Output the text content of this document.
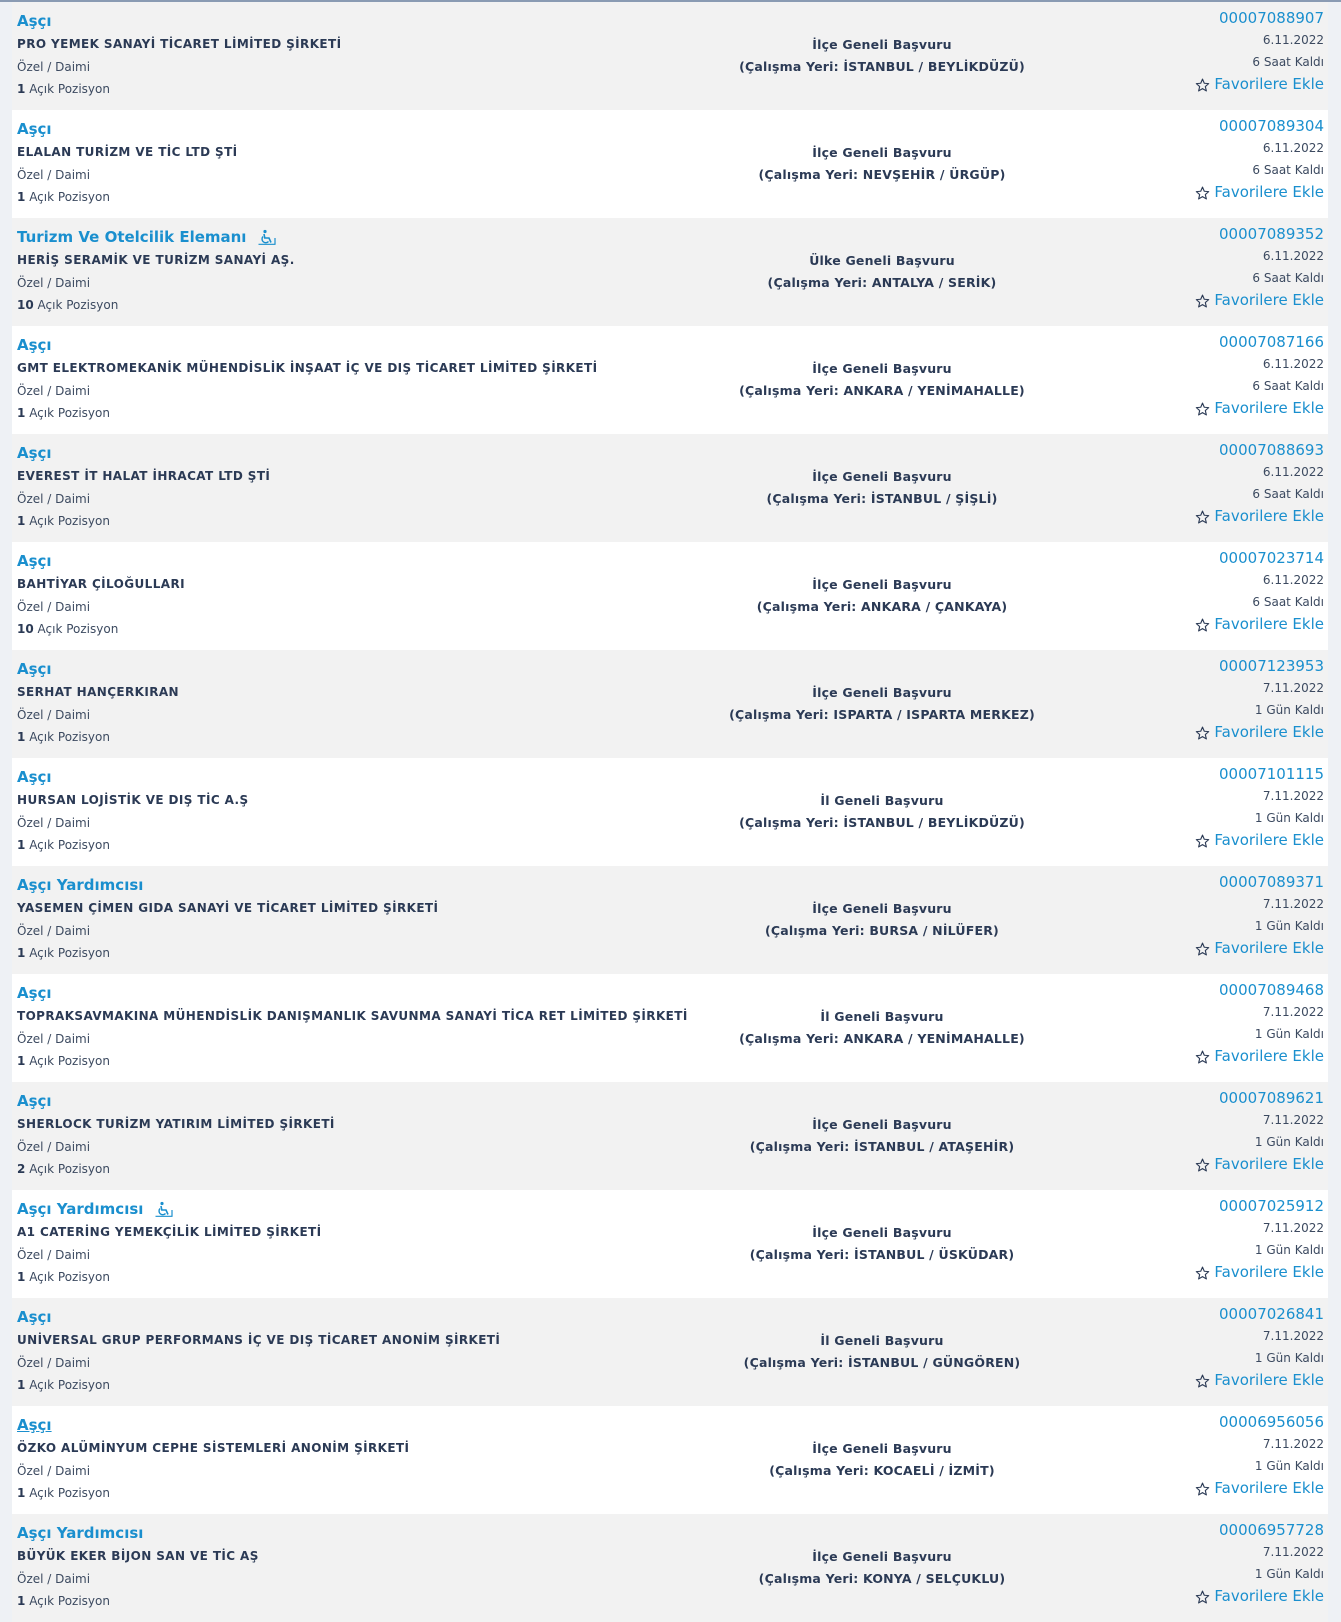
Aşçı
PRO YEMEK SANAYİ TİCARET LİMİTED ŞİRKETİ
Özel / Daimi
1 Açık Pozisyon
İlçe Geneli Başvuru
(Çalışma Yeri: İSTANBUL / BEYLİKDÜZÜ)
00007088907
6.11.2022
6 Saat Kaldı
Favorilere Ekle
Aşçı
ELALAN TURİZM VE TİC LTD ŞTİ
Özel / Daimi
1 Açık Pozisyon
İlçe Geneli Başvuru
(Çalışma Yeri: NEVŞEHİR / ÜRGÜP)
00007089304
6.11.2022
6 Saat Kaldı
Favorilere Ekle
Turizm Ve Otelcilik Elemanı
HERİŞ SERAMİK VE TURİZM SANAYİ AŞ.
Özel / Daimi
10 Açık Pozisyon
Ülke Geneli Başvuru
(Çalışma Yeri: ANTALYA / SERİK)
00007089352
6.11.2022
6 Saat Kaldı
Favorilere Ekle
Aşçı
GMT ELEKTROMEKANİK MÜHENDİSLİK İNŞAAT İÇ VE DIŞ TİCARET LİMİTED ŞİRKETİ
Özel / Daimi
1 Açık Pozisyon
İlçe Geneli Başvuru
(Çalışma Yeri: ANKARA / YENİMAHALLE)
00007087166
6.11.2022
6 Saat Kaldı
Favorilere Ekle
Aşçı
EVEREST İT HALAT İHRACAT LTD ŞTİ
Özel / Daimi
1 Açık Pozisyon
İlçe Geneli Başvuru
(Çalışma Yeri: İSTANBUL / ŞİŞLİ)
00007088693
6.11.2022
6 Saat Kaldı
Favorilere Ekle
Aşçı
BAHTİYAR ÇİLOĞULLARI
Özel / Daimi
10 Açık Pozisyon
İlçe Geneli Başvuru
(Çalışma Yeri: ANKARA / ÇANKAYA)
00007023714
6.11.2022
6 Saat Kaldı
Favorilere Ekle
Aşçı
SERHAT HANÇERKIRAN
Özel / Daimi
1 Açık Pozisyon
İlçe Geneli Başvuru
(Çalışma Yeri: ISPARTA / ISPARTA MERKEZ)
00007123953
7.11.2022
1 Gün Kaldı
Favorilere Ekle
Aşçı
HURSAN LOJİSTİK VE DIŞ TİC A.Ş
Özel / Daimi
1 Açık Pozisyon
İl Geneli Başvuru
(Çalışma Yeri: İSTANBUL / BEYLİKDÜZÜ)
00007101115
7.11.2022
1 Gün Kaldı
Favorilere Ekle
Aşçı Yardımcısı
YASEMEN ÇİMEN GIDA SANAYİ VE TİCARET LİMİTED ŞİRKETİ
Özel / Daimi
1 Açık Pozisyon
İlçe Geneli Başvuru
(Çalışma Yeri: BURSA / NİLÜFER)
00007089371
7.11.2022
1 Gün Kaldı
Favorilere Ekle
Aşçı
TOPRAKSAVMAKINA MÜHENDİSLİK DANIŞMANLIK SAVUNMA SANAYİ TİCA RET LİMİTED ŞİRKETİ
Özel / Daimi
1 Açık Pozisyon
İl Geneli Başvuru
(Çalışma Yeri: ANKARA / YENİMAHALLE)
00007089468
7.11.2022
1 Gün Kaldı
Favorilere Ekle
Aşçı
SHERLOCK TURİZM YATIRIM LİMİTED ŞİRKETİ
Özel / Daimi
2 Açık Pozisyon
İlçe Geneli Başvuru
(Çalışma Yeri: İSTANBUL / ATAŞEHİR)
00007089621
7.11.2022
1 Gün Kaldı
Favorilere Ekle
Aşçı Yardımcısı
A1 CATERİNG YEMEKÇİLİK LİMİTED ŞİRKETİ
Özel / Daimi
1 Açık Pozisyon
İlçe Geneli Başvuru
(Çalışma Yeri: İSTANBUL / ÜSKÜDAR)
00007025912
7.11.2022
1 Gün Kaldı
Favorilere Ekle
Aşçı
UNİVERSAL GRUP PERFORMANS İÇ VE DIŞ TİCARET ANONİM ŞİRKETİ
Özel / Daimi
1 Açık Pozisyon
İl Geneli Başvuru
(Çalışma Yeri: İSTANBUL / GÜNGÖREN)
00007026841
7.11.2022
1 Gün Kaldı
Favorilere Ekle
Aşçı
ÖZKO ALÜMİNYUM CEPHE SİSTEMLERİ ANONİM ŞİRKETİ
Özel / Daimi
1 Açık Pozisyon
İlçe Geneli Başvuru
(Çalışma Yeri: KOCAELİ / İZMİT)
00006956056
7.11.2022
1 Gün Kaldı
Favorilere Ekle
Aşçı Yardımcısı
BÜYÜK EKER BİJON SAN VE TİC AŞ
Özel / Daimi
1 Açık Pozisyon
İlçe Geneli Başvuru
(Çalışma Yeri: KONYA / SELÇUKLU)
00006957728
7.11.2022
1 Gün Kaldı
Favorilere Ekle
